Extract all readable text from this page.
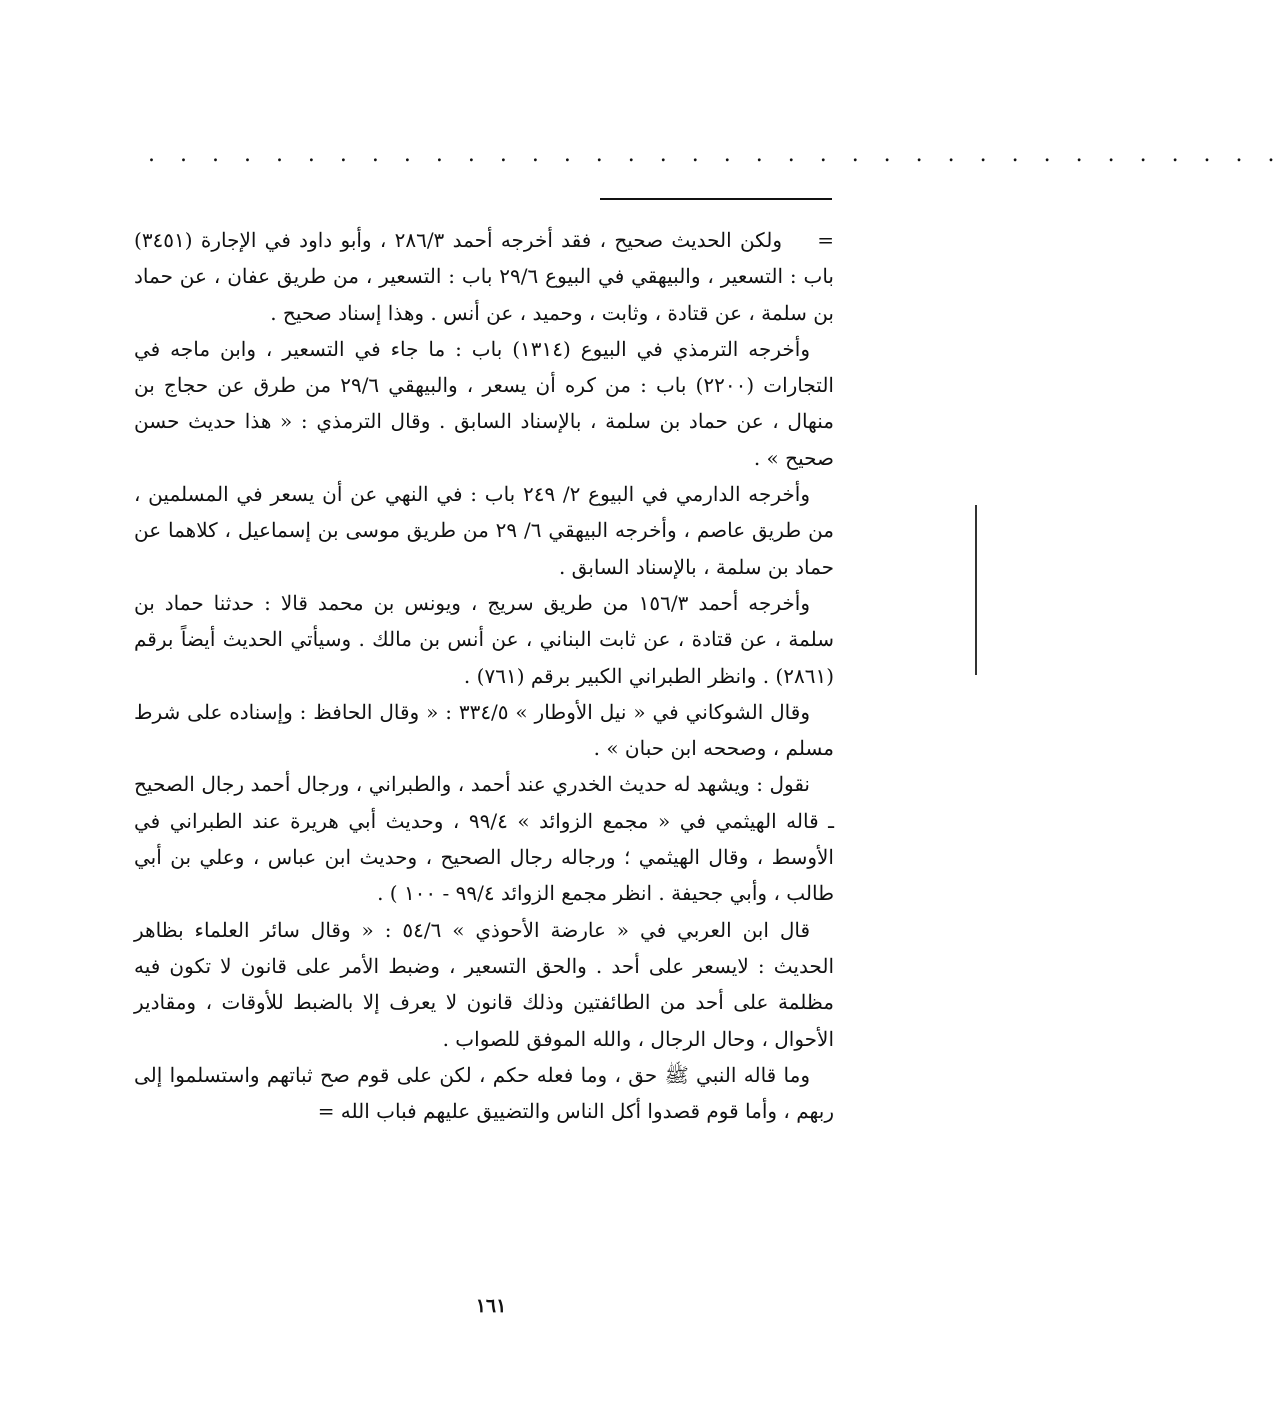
. . . . . . . . . . . . . . . . . . . . . . . . . . . . . . . . . . . .

=ولكن الحديث صحيح ، فقد أخرجه أحمد ٢٨٦/٣ ، وأبو داود في الإجارة (٣٤٥١) باب : التسعير ، والبيهقي في البيوع ٢٩/٦ باب : التسعير ، من طريق عفان ، عن حماد بن سلمة ، عن قتادة ، وثابت ، وحميد ، عن أنس . وهذا إسناد صحيح .

وأخرجه الترمذي في البيوع (١٣١٤) باب : ما جاء في التسعير ، وابن ماجه في التجارات (٢٢٠٠) باب : من كره أن يسعر ، والبيهقي ٢٩/٦ من طرق عن حجاج بن منهال ، عن حماد بن سلمة ، بالإسناد السابق . وقال الترمذي : « هذا حديث حسن صحيح » .

وأخرجه الدارمي في البيوع ٢/ ٢٤٩ باب : في النهي عن أن يسعر في المسلمين ، من طريق عاصم ، وأخرجه البيهقي ٦/ ٢٩ من طريق موسى بن إسماعيل ، كلاهما عن حماد بن سلمة ، بالإسناد السابق .

وأخرجه أحمد ١٥٦/٣ من طريق سريج ، ويونس بن محمد قالا : حدثنا حماد بن سلمة ، عن قتادة ، عن ثابت البناني ، عن أنس بن مالك . وسيأتي الحديث أيضاً برقم (٢٨٦١) . وانظر الطبراني الكبير برقم (٧٦١) .

وقال الشوكاني في « نيل الأوطار » ٣٣٤/٥ : « وقال الحافظ : وإسناده على شرط مسلم ، وصححه ابن حبان » .

نقول : ويشهد له حديث الخدري عند أحمد ، والطبراني ، ورجال أحمد رجال الصحيح ـ قاله الهيثمي في « مجمع الزوائد » ٩٩/٤ ، وحديث أبي هريرة عند الطبراني في الأوسط ، وقال الهيثمي ؛ ورجاله رجال الصحيح ، وحديث ابن عباس ، وعلي بن أبي طالب ، وأبي جحيفة . انظر مجمع الزوائد ٩٩/٤ - ١٠٠ ) .

قال ابن العربي في « عارضة الأحوذي » ٥٤/٦ : « وقال سائر العلماء بظاهر الحديث : لايسعر على أحد . والحق التسعير ، وضبط الأمر على قانون لا تكون فيه مظلمة على أحد من الطائفتين وذلك قانون لا يعرف إلا بالضبط للأوقات ، ومقادير الأحوال ، وحال الرجال ، والله الموفق للصواب .

وما قاله النبي ﷺ حق ، وما فعله حكم ، لكن على قوم صح ثباتهم واستسلموا إلى ربهم ، وأما قوم قصدوا أكل الناس والتضييق عليهم فباب الله =

١٦١
